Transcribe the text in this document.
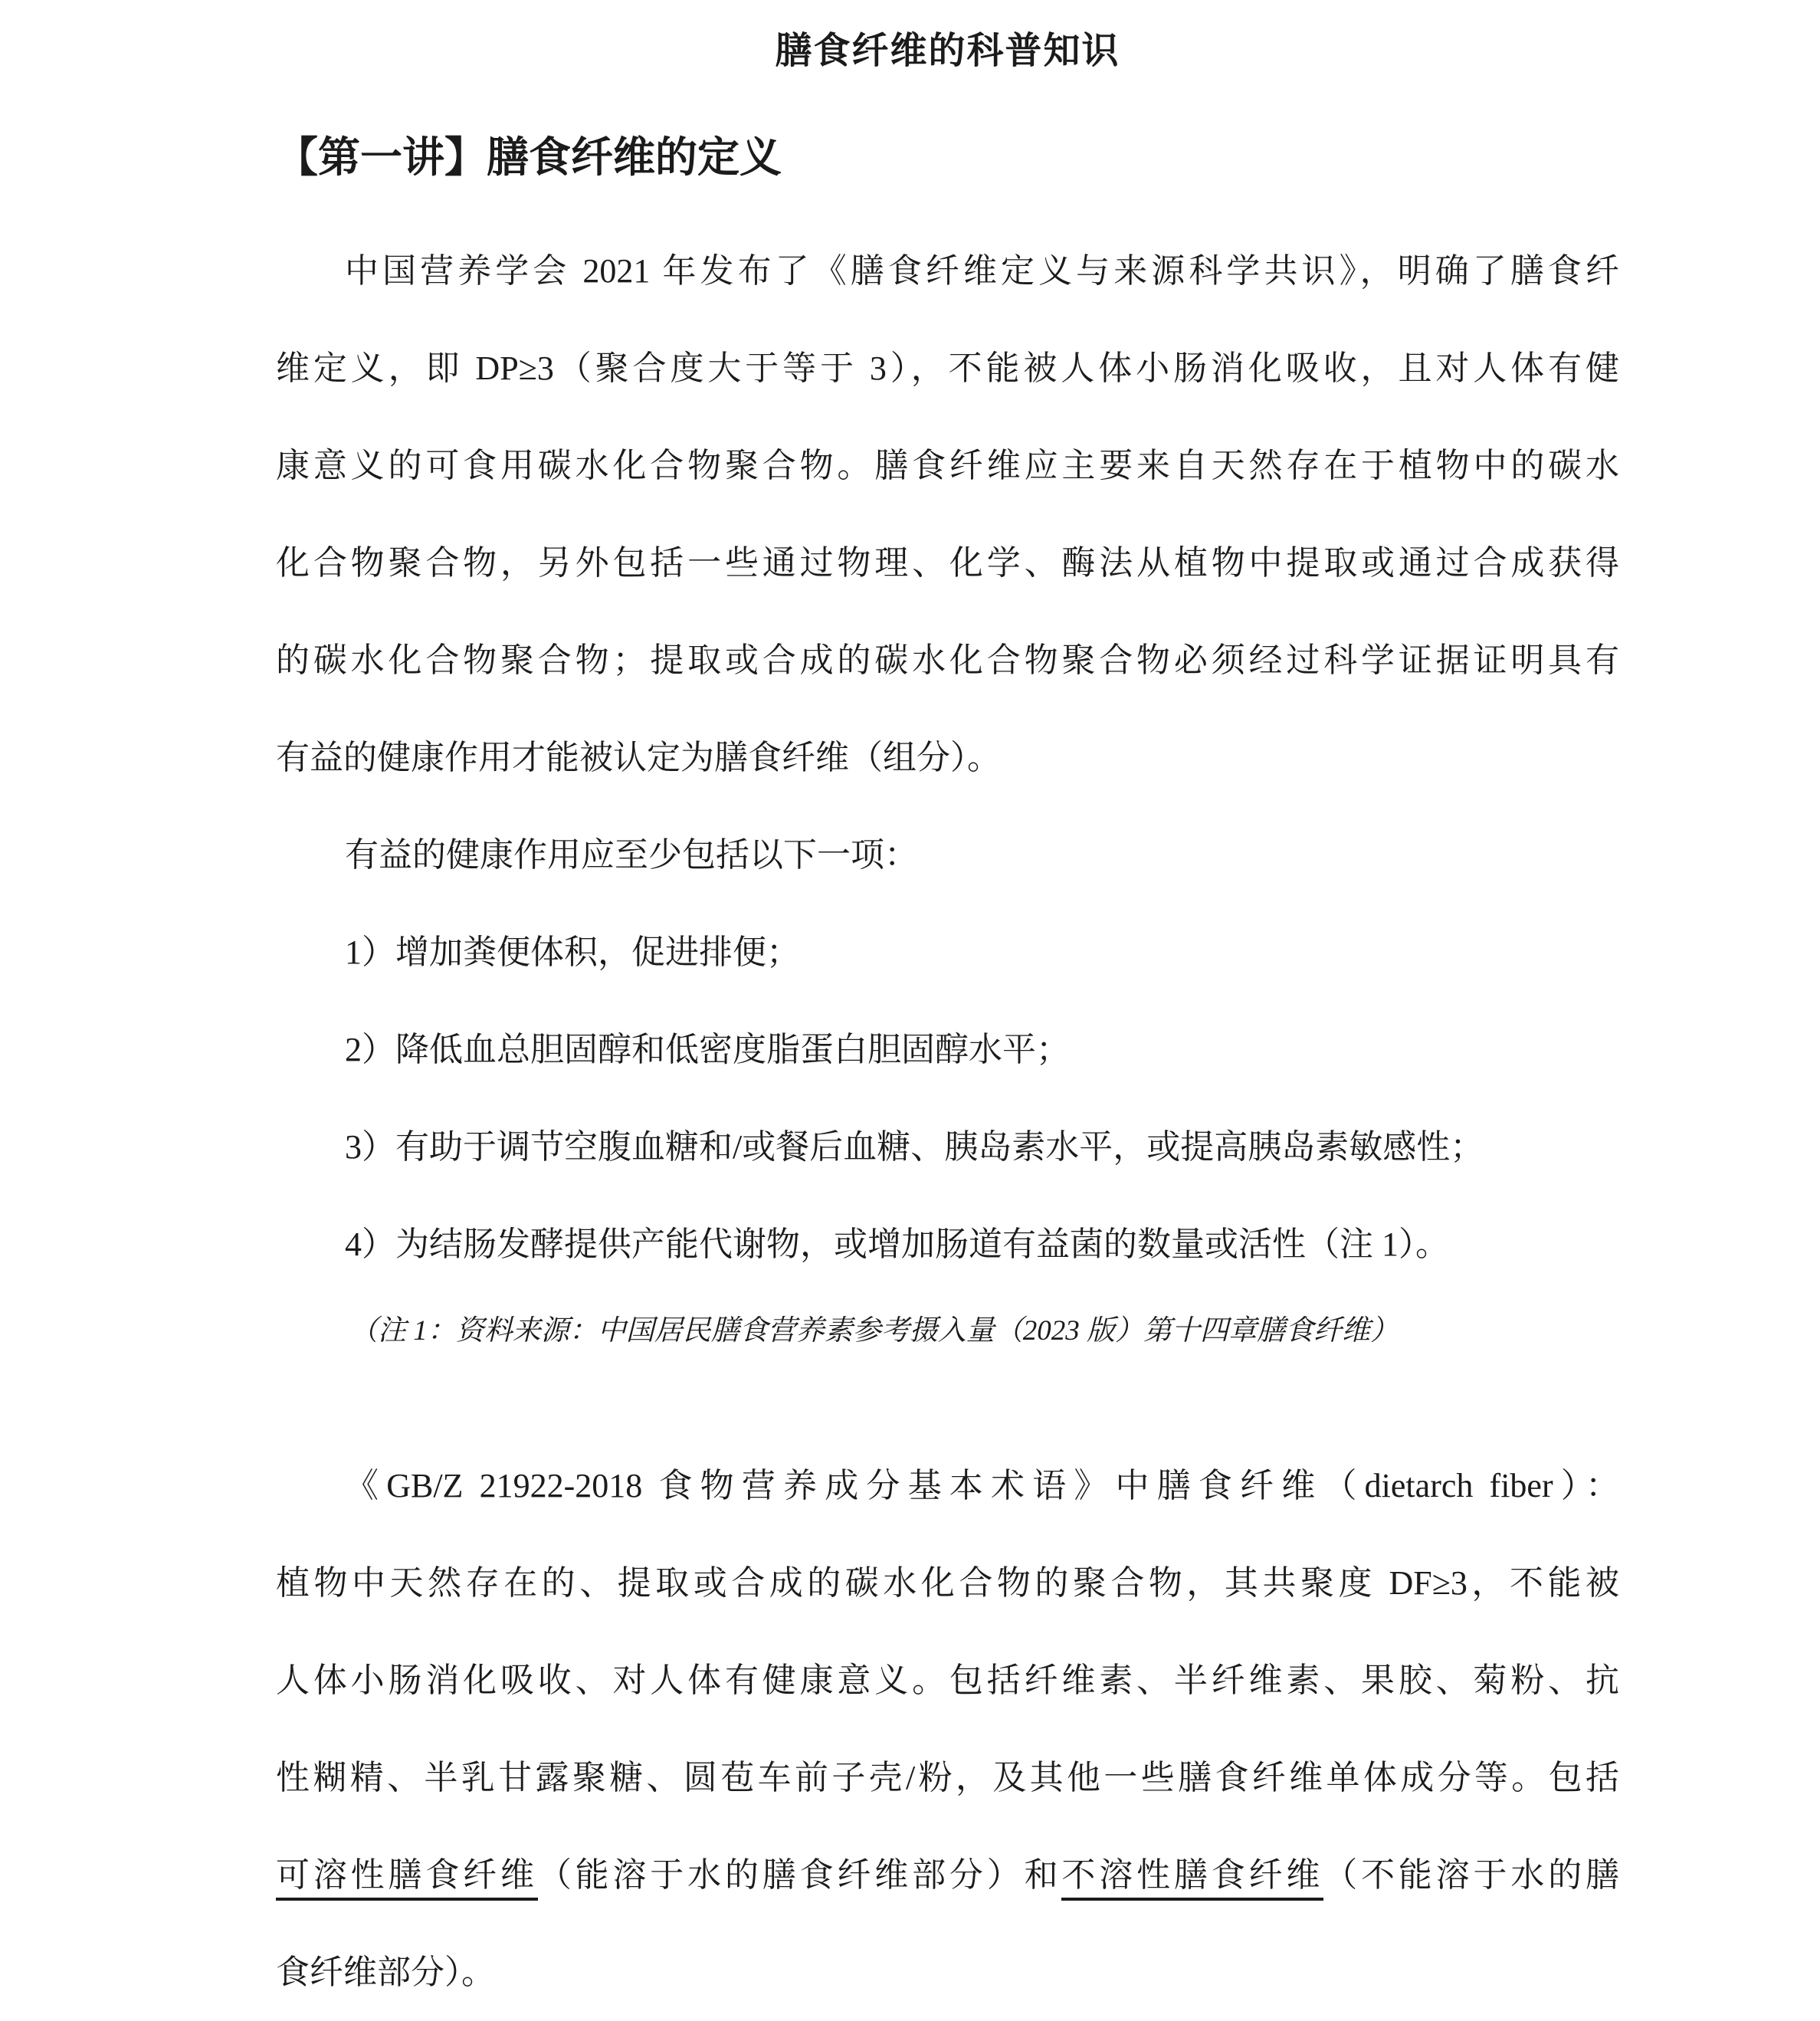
膳食纤维的科普知识
【第一讲】膳食纤维的定义
中国营养学会 2021 年发布了《膳食纤维定义与来源科学共识》，明确了膳食纤
维定义，即 DP≥3（聚合度大于等于 3），不能被人体小肠消化吸收，且对人体有健
康意义的可食用碳水化合物聚合物。膳食纤维应主要来自天然存在于植物中的碳水
化合物聚合物，另外包括一些通过物理、化学、酶法从植物中提取或通过合成获得
的碳水化合物聚合物；提取或合成的碳水化合物聚合物必须经过科学证据证明具有
有益的健康作用才能被认定为膳食纤维（组分）。
有益的健康作用应至少包括以下一项：
1）增加粪便体积，促进排便；
2）降低血总胆固醇和低密度脂蛋白胆固醇水平；
3）有助于调节空腹血糖和/或餐后血糖、胰岛素水平，或提高胰岛素敏感性；
4）为结肠发酵提供产能代谢物，或增加肠道有益菌的数量或活性（注 1）。
（注 1：资料来源：中国居民膳食营养素参考摄入量（2023 版）第十四章膳食纤维）
《GB/Z 21922-2018 食物营养成分基本术语》中膳食纤维（dietarch fiber）：
植物中天然存在的、提取或合成的碳水化合物的聚合物，其共聚度 DF≥3，不能被
人体小肠消化吸收、对人体有健康意义。包括纤维素、半纤维素、果胶、菊粉、抗
性糊精、半乳甘露聚糖、圆苞车前子壳/粉，及其他一些膳食纤维单体成分等。包括
可溶性膳食纤维（能溶于水的膳食纤维部分）和不溶性膳食纤维（不能溶于水的膳
食纤维部分）。
